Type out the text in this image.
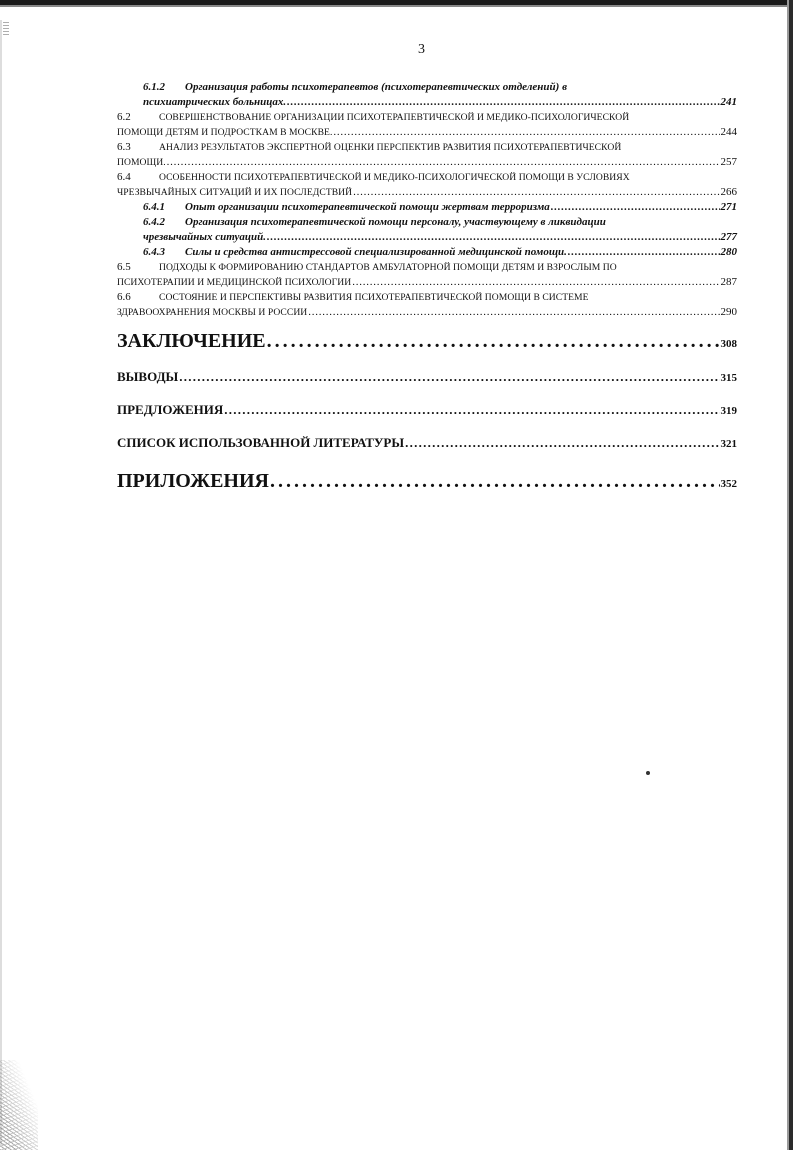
3
6.1.2 Организация работы психотерапевтов (психотерапевтических отделений) в
психиатрических больницах. . . .	241
6.2	СОВЕРШЕНСТВОВАНИЕ ОРГАНИЗАЦИИ ПСИХОТЕРАПЕВТИЧЕСКОЙ И МЕДИКО-ПСИХОЛОГИЧЕСКОЙ
ПОМОЩИ ДЕТЯМ И ПОДРОСТКАМ В МОСКВЕ. . . .	244
6.3	АНАЛИЗ РЕЗУЛЬТАТОВ ЭКСПЕРТНОЙ ОЦЕНКИ ПЕРСПЕКТИВ РАЗВИТИЯ ПСИХОТЕРАПЕВТИЧЕСКОЙ
ПОМОЩИ. . . .	257
6.4	ОСОБЕННОСТИ ПСИХОТЕРАПЕВТИЧЕСКОЙ И МЕДИКО-ПСИХОЛОГИЧЕСКОЙ ПОМОЩИ В УСЛОВИЯХ
ЧРЕЗВЫЧАЙНЫХ СИТУАЦИЙ И ИХ ПОСЛЕДСТВИЙ . . .	266
6.4.1 Опыт организации психотерапевтической помощи жертвам терроризма . . .	271
6.4.2 Организация психотерапевтической помощи персоналу, участвующему в ликвидации
чрезвычайных ситуаций. . . .	277
6.4.3 Силы и средства антистрессовой специализированной медицинской помощи. . . .	280
6.5	ПОДХОДЫ К ФОРМИРОВАНИЮ СТАНДАРТОВ АМБУЛАТОРНОЙ ПОМОЩИ ДЕТЯМ И ВЗРОСЛЫМ ПО
ПСИХОТЕРАПИИ И МЕДИЦИНСКОЙ ПСИХОЛОГИИ . . .	287
6.6	СОСТОЯНИЕ И ПЕРСПЕКТИВЫ РАЗВИТИЯ ПСИХОТЕРАПЕВТИЧЕСКОЙ ПОМОЩИ В СИСТЕМЕ
ЗДРАВООХРАНЕНИЯ МОСКВЫ И РОССИИ . . .	290
ЗАКЛЮЧЕНИЕ . . .	308
ВЫВОДЫ . . .	315
ПРЕДЛОЖЕНИЯ . . .	319
СПИСОК ИСПОЛЬЗОВАННОЙ ЛИТЕРАТУРЫ . . .	321
ПРИЛОЖЕНИЯ . . .	352
